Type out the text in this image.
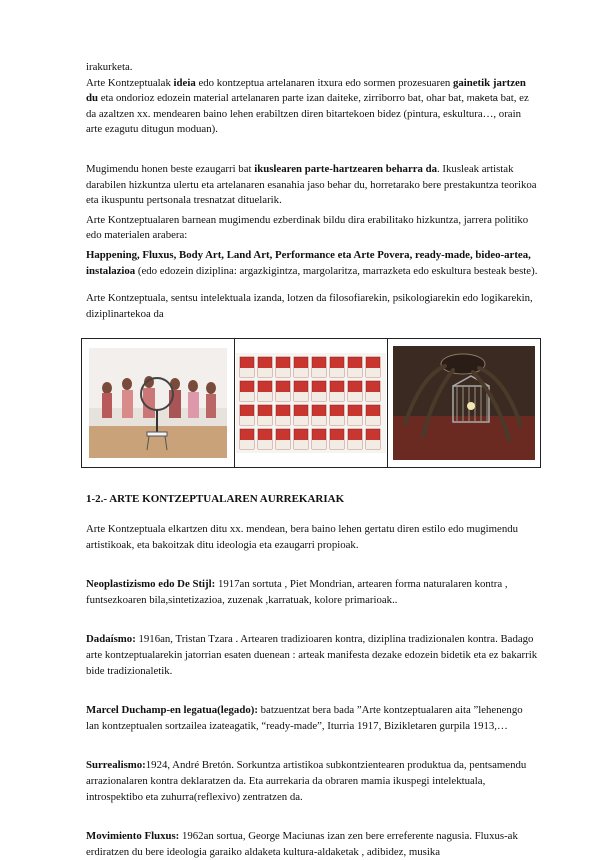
irakurketa.

Arte Kontzeptualak ideia edo kontzeptua artelanaren itxura edo sormen prozesuaren gainetik jartzen du eta ondorioz edozein material artelanaren parte izan daiteke, zirriborro bat, ohar bat, maketa bat, ez da azaltzen xx. mendearen baino lehen erabiltzen diren bitartekoen bidez (pintura, eskultura…, orain arte ezagutu ditugun moduan).

Mugimendu honen beste ezaugarri bat ikuslearen parte-hartzearen beharra da. Ikusleak artistak darabilen hizkuntza ulertu eta artelanaren esanahia jaso behar du, horretarako bere prestakuntza teorikoa eta ikuspuntu pertsonala tresnatzat dituelarik.

Arte Kontzeptualaren barnean mugimendu ezberdinak bildu dira erabilitako hizkuntza, jarrera politiko edo materialen arabera:

Happening, Fluxus, Body Art, Land Art, Performance eta Arte Povera, ready-made, bideo-artea, instalazioa (edo edozein diziplina: argazkigintza, margolaritza, marrazketa edo eskultura besteak beste).

Arte Kontzeptuala, sentsu intelektuala izanda, lotzen da filosofiarekin, psikologiarekin edo logikarekin, diziplinartekoa da

1-2.- ARTE KONTZEPTUALAREN AURREKARIAK

Arte Kontzeptuala elkartzen ditu xx. mendean, bera baino lehen gertatu diren estilo edo mugimendu artistikoak, eta bakoitzak ditu ideologia eta ezaugarri propioak.

Neoplastizismo edo De Stijl: 1917an sortuta , Piet Mondrian, artearen forma naturalaren kontra , funtsezkoaren bila,sintetizazioa, zuzenak ,karratuak, kolore primarioak..

Dadaísmo: 1916an, Tristan Tzara . Artearen tradizioaren kontra, diziplina tradizionalen kontra. Badago arte kontzeptualarekin jatorrian esaten duenean : arteak manifesta dezake edozein bidetik eta ez bakarrik bide tradizionaletik.

Marcel Duchamp-en legatua(legado): batzuentzat bera bada ”Arte kontzeptualaren aita ”lehenengo lan kontzeptualen sortzailea izateagatik, “ready-made”, Iturria 1917, Bizikletaren gurpila 1913,…

Surrealismo:1924, André Bretón. Sorkuntza artistikoa subkontzientearen produktua da, pentsamendu arrazionalaren kontra deklaratzen da. Eta aurrekaria da obraren mamia ikuspegi intelektuala, introspektibo eta zuhurra(reflexivo) zentratzen da.

Movimiento Fluxus: 1962an sortua, George Maciunas izan zen bere erreferente nagusia. Fluxus-ak erdiratzen du bere ideologia garaiko aldaketa kultura-aldaketak , adibidez, musika
